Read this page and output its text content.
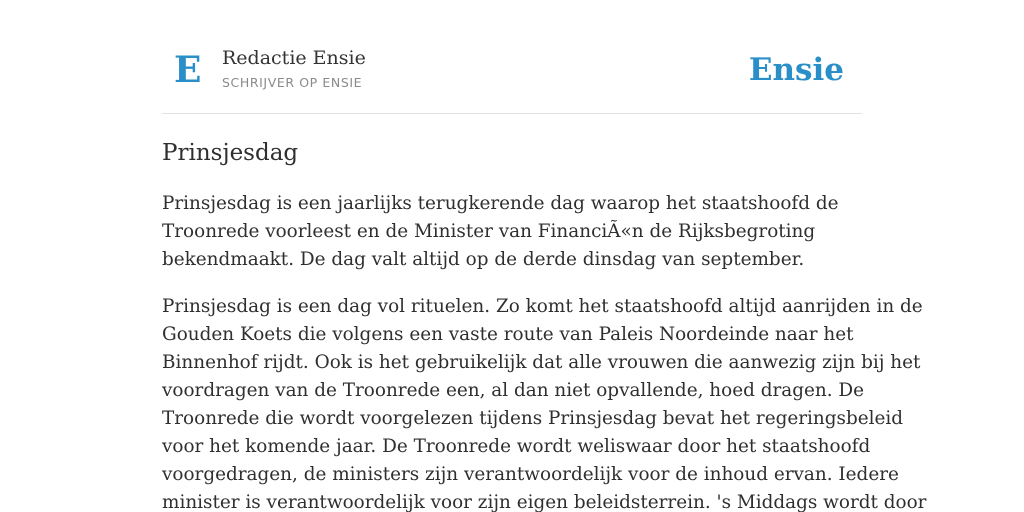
E Redactie Ensie
SCHRIJVER OP ENSIE	Ensie
Prinsjesdag

Prinsjesdag is een jaarlijks terugkerende dag waarop het staatshoofd de
Troonrede voorleest en de Minister van FinanciÃ«n de Rijksbegroting
bekendmaakt. De dag valt altijd op de derde dinsdag van september.

Prinsjesdag is een dag vol rituelen. Zo komt het staatshoofd altijd aanrijden in de
Gouden Koets die volgens een vaste route van Paleis Noordeinde naar het
Binnenhof rijdt. Ook is het gebruikelijk dat alle vrouwen die aanwezig zijn bij het
voordragen van de Troonrede een, al dan niet opvallende, hoed dragen. De
Troonrede die wordt voorgelezen tijdens Prinsjesdag bevat het regeringsbeleid
voor het komende jaar. De Troonrede wordt weliswaar door het staatshoofd
voorgedragen, de ministers zijn verantwoordelijk voor de inhoud ervan. Iedere
minister is verantwoordelijk voor zijn eigen beleidsterrein. 's Middags wordt door
